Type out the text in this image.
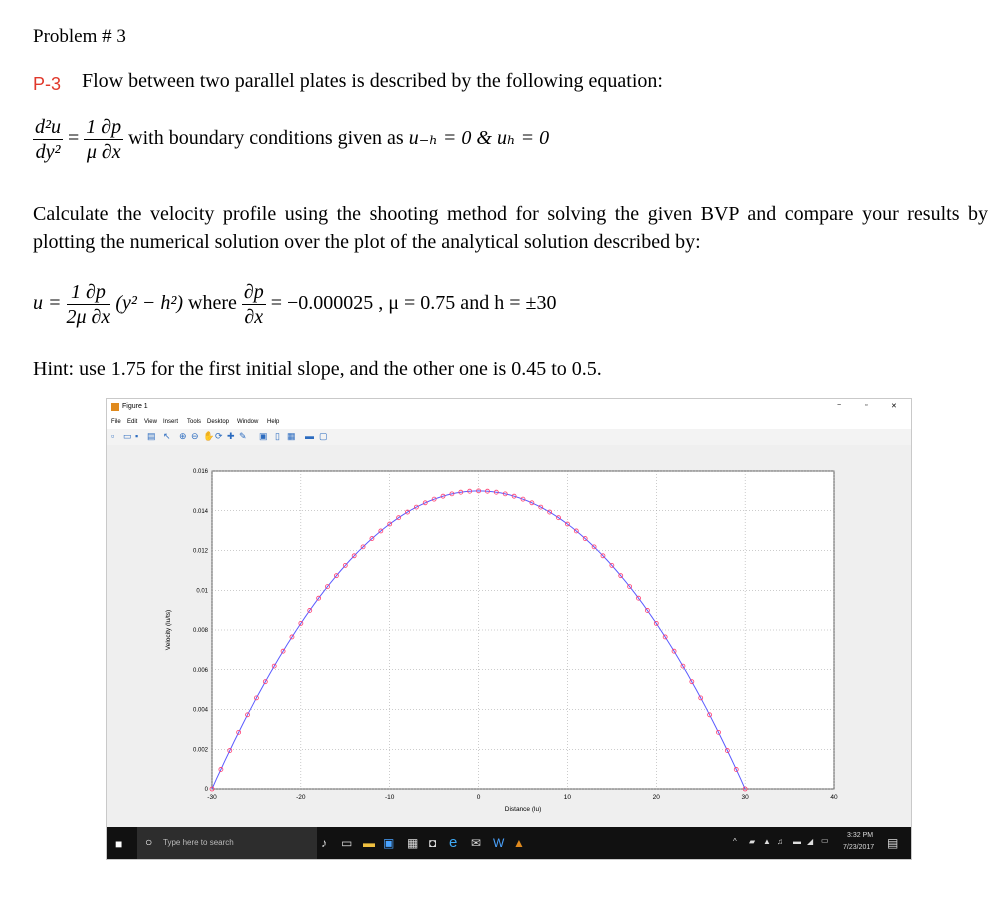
Problem # 3
P-3 Flow between two parallel plates is described by the following equation:
$\frac{\text{d²u}}{\text{dy²}} = \frac{1 \partial p}{\mu \partial x}$ with boundary conditions given as u₋ₕ = 0 & uₕ = 0
Calculate the velocity profile using the shooting method for solving the given BVP and compare your results by plotting the numerical solution over the plot of the analytical solution described by:
$u = \frac{1 \partial p}{2\mu \partial x} (y^2 - h^2)$ where $\frac{\partial p}{\partial x} = -0.000025$ , μ = 0.75 and h = ±30
Hint: use 1.75 for the first initial slope, and the other one is 0.45 to 0.5.
Figure 1	−	▫	✕
File Edit View Insert Tools Desktop Window Help
▫ ▭ ▪ ▤ ↖ ⊕ ⊖ ✋ ⟳ ✚ ✎ ▣ ▯ ▦ ▬ ▢
-30	-20	-10	0	10	20	30	40
0
0.002
0.004
0.006
0.008
0.01
0.012
0.014
0.016
Distance (lu)
Velocity (lu/ts)
■ ○ Type here to search	♪ ▭ ▬ ▣ ▦ ◘ e ✉ W ▲	^ ▰ ▲ ♫ ▬ ◢ ▭
3:32 PM
7/23/2017 ▤
